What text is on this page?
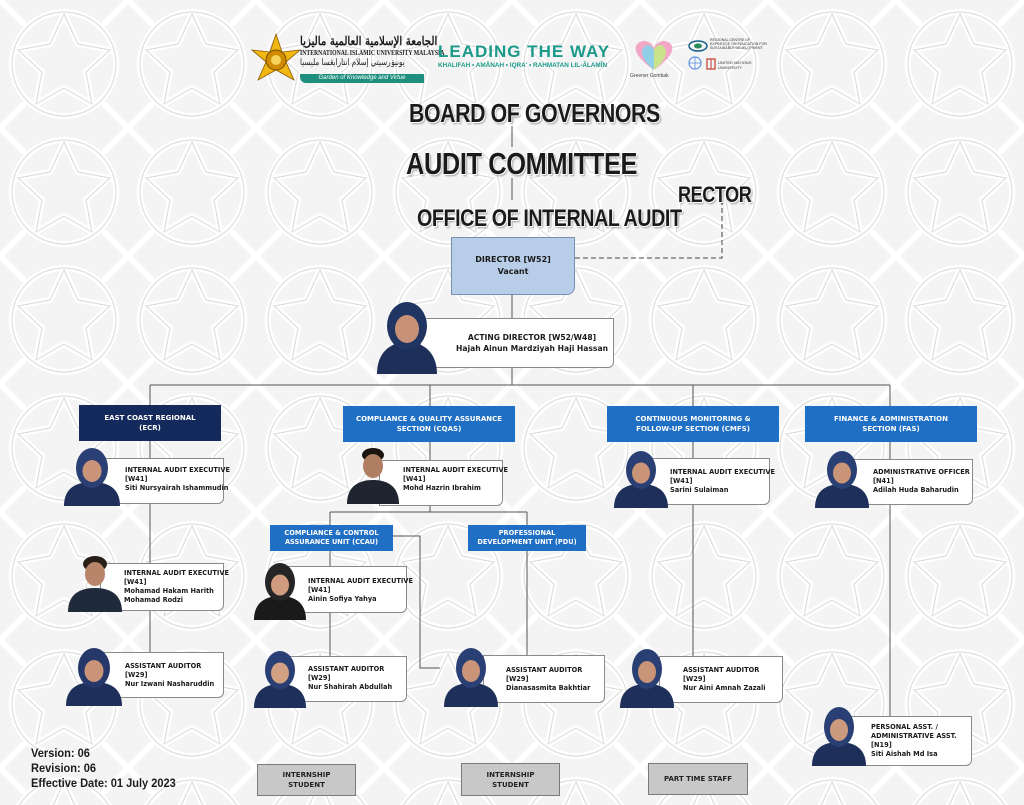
الجامعة الإسلامية العالمية ماليزيا
INTERNATIONAL ISLAMIC UNIVERSITY MALAYSIA
يونيۏرسيتي إسلام انتارابڠسا مليسيا
Garden of Knowledge and Virtue
LEADING THE WAY
KHALIFAH • AMĀNAH • IQRA' • RAHMATAN LIL-ĀLAMĪN
Greener Gombak
REGIONAL CENTRE OF EXPERTISE ON EDUCATION FOR SUSTAINABLE DEVELOPMENT
UNITED NATIONS UNIVERSITY
BOARD OF GOVERNORS
AUDIT COMMITTEE
OFFICE OF INTERNAL AUDIT
RECTOR
DIRECTOR [W52]
Vacant
ACTING DIRECTOR [W52/W48]
Hajah Ainun Mardziyah Haji Hassan
EAST COAST REGIONAL
(ECR)
COMPLIANCE & QUALITY ASSURANCE
SECTION (CQAS)
CONTINUOUS MONITORING &
FOLLOW-UP SECTION (CMFS)
FINANCE & ADMINISTRATION
SECTION (FAS)
COMPLIANCE & CONTROL
ASSURANCE UNIT (CCAU)
PROFESSIONAL
DEVELOPMENT UNIT (PDU)
INTERNAL AUDIT EXECUTIVE
[W41]
Siti Nursyairah Ishammudin
INTERNAL AUDIT EXECUTIVE
[W41]
Mohamad Hakam Harith
Mohamad Rodzi
ASSISTANT AUDITOR
[W29]
Nur Izwani Nasharuddin
INTERNAL AUDIT EXECUTIVE
[W41]
Mohd Hazrin Ibrahim
INTERNAL AUDIT EXECUTIVE
[W41]
Ainin Sofiya Yahya
ASSISTANT AUDITOR
[W29]
Nur Shahirah Abdullah
ASSISTANT AUDITOR
[W29]
Dianasasmita Bakhtiar
INTERNAL AUDIT EXECUTIVE
[W41]
Sarini Sulaiman
ASSISTANT AUDITOR
[W29]
Nur Aini Amnah Zazali
ADMINISTRATIVE OFFICER
[N41]
Adilah Huda Baharudin
PERSONAL ASST. /
ADMINISTRATIVE ASST.
[N19]
Siti Aishah Md Isa
INTERNSHIP
STUDENT
INTERNSHIP
STUDENT
PART TIME STAFF
Version: 06
Revision: 06
Effective Date: 01 July 2023
